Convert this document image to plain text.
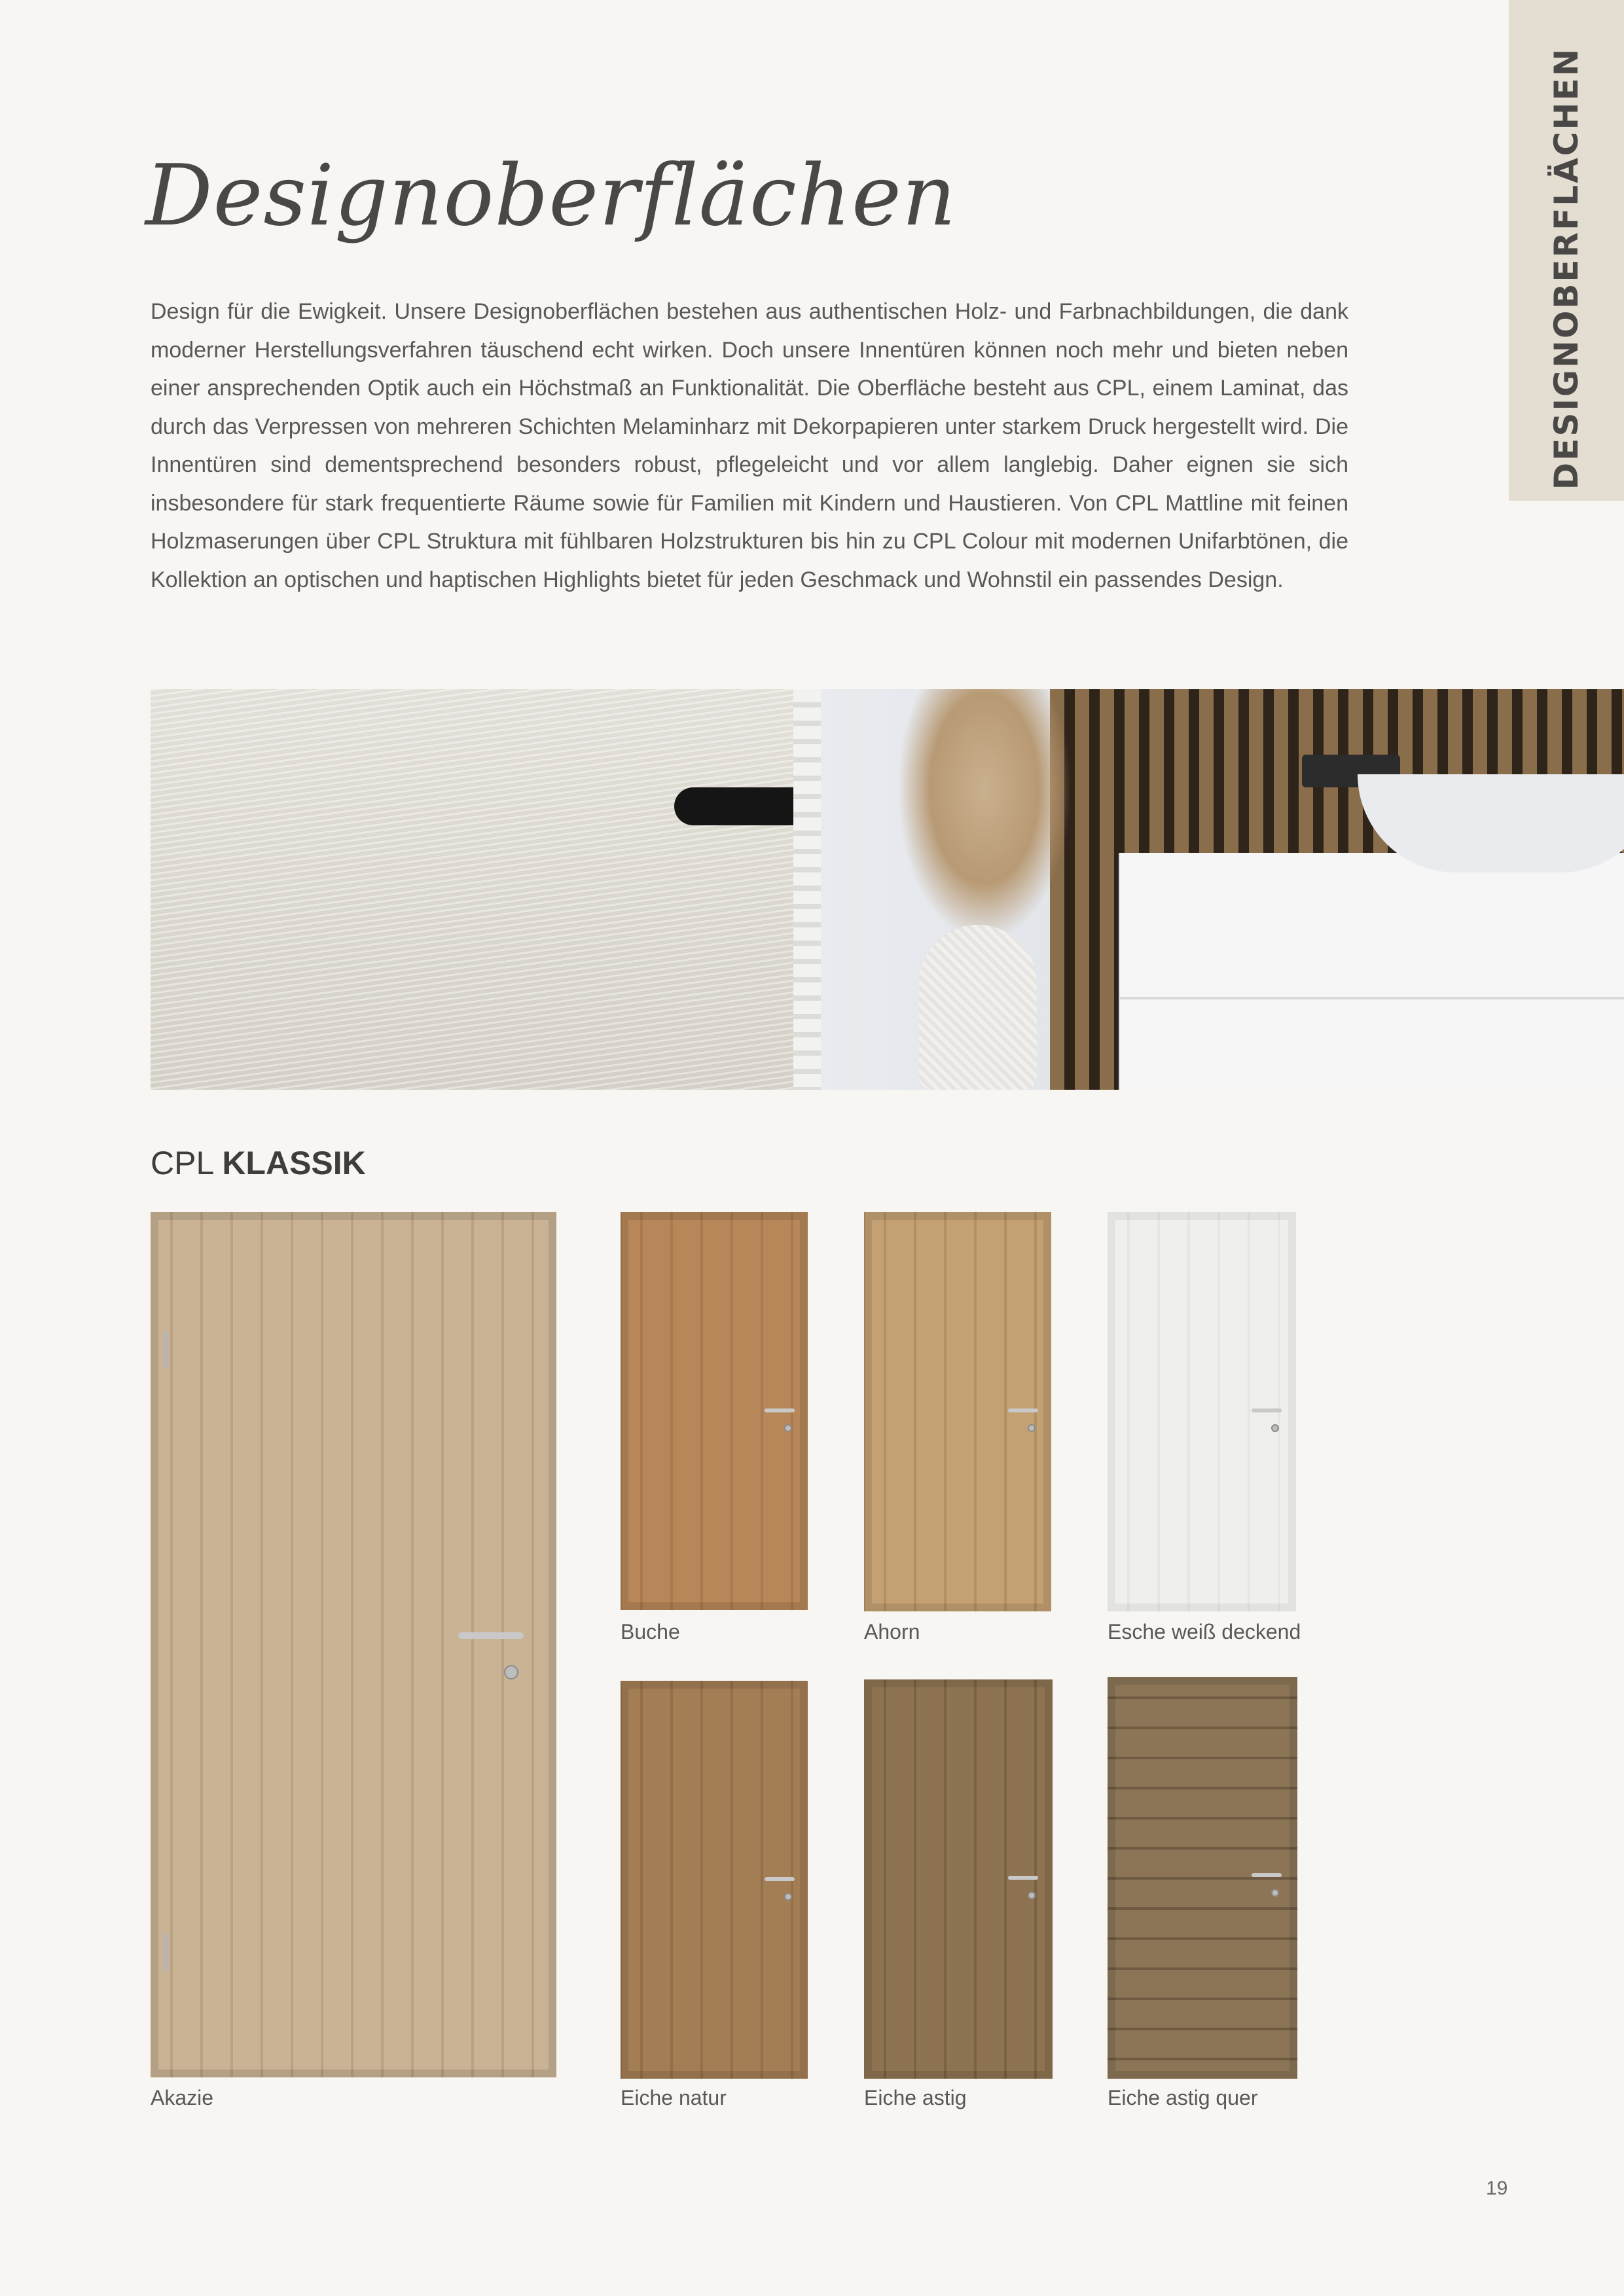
DESIGNOBERFLÄCHEN
Designoberflächen

Design für die Ewigkeit. Unsere Designoberflächen bestehen aus authentischen Holz- und Farbnachbildungen, die dank moderner Herstellungsverfahren täuschend echt wirken. Doch unsere Innentüren können noch mehr und bieten neben einer ansprechenden Optik auch ein Höchstmaß an Funktionalität. Die Oberfläche besteht aus CPL, einem Laminat, das durch das Verpressen von mehreren Schichten Melaminharz mit Dekorpapieren unter starkem Druck hergestellt wird. Die Innentüren sind dementsprechend besonders robust, pflegeleicht und vor allem langlebig. Daher eignen sie sich insbesondere für stark frequentierte Räume sowie für Familien mit Kindern und Haustieren. Von CPL Mattline mit feinen Holzmaserungen über CPL Struktura mit fühlbaren Holzstrukturen bis hin zu CPL Colour mit modernen Unifarbtönen, die Kollektion an optischen und haptischen Highlights bietet für jeden Geschmack und Wohnstil ein passendes Design.

CPL KLASSIK
Akazie
Buche	Ahorn	Esche weiß deckend
Eiche natur	Eiche astig	Eiche astig quer
19
